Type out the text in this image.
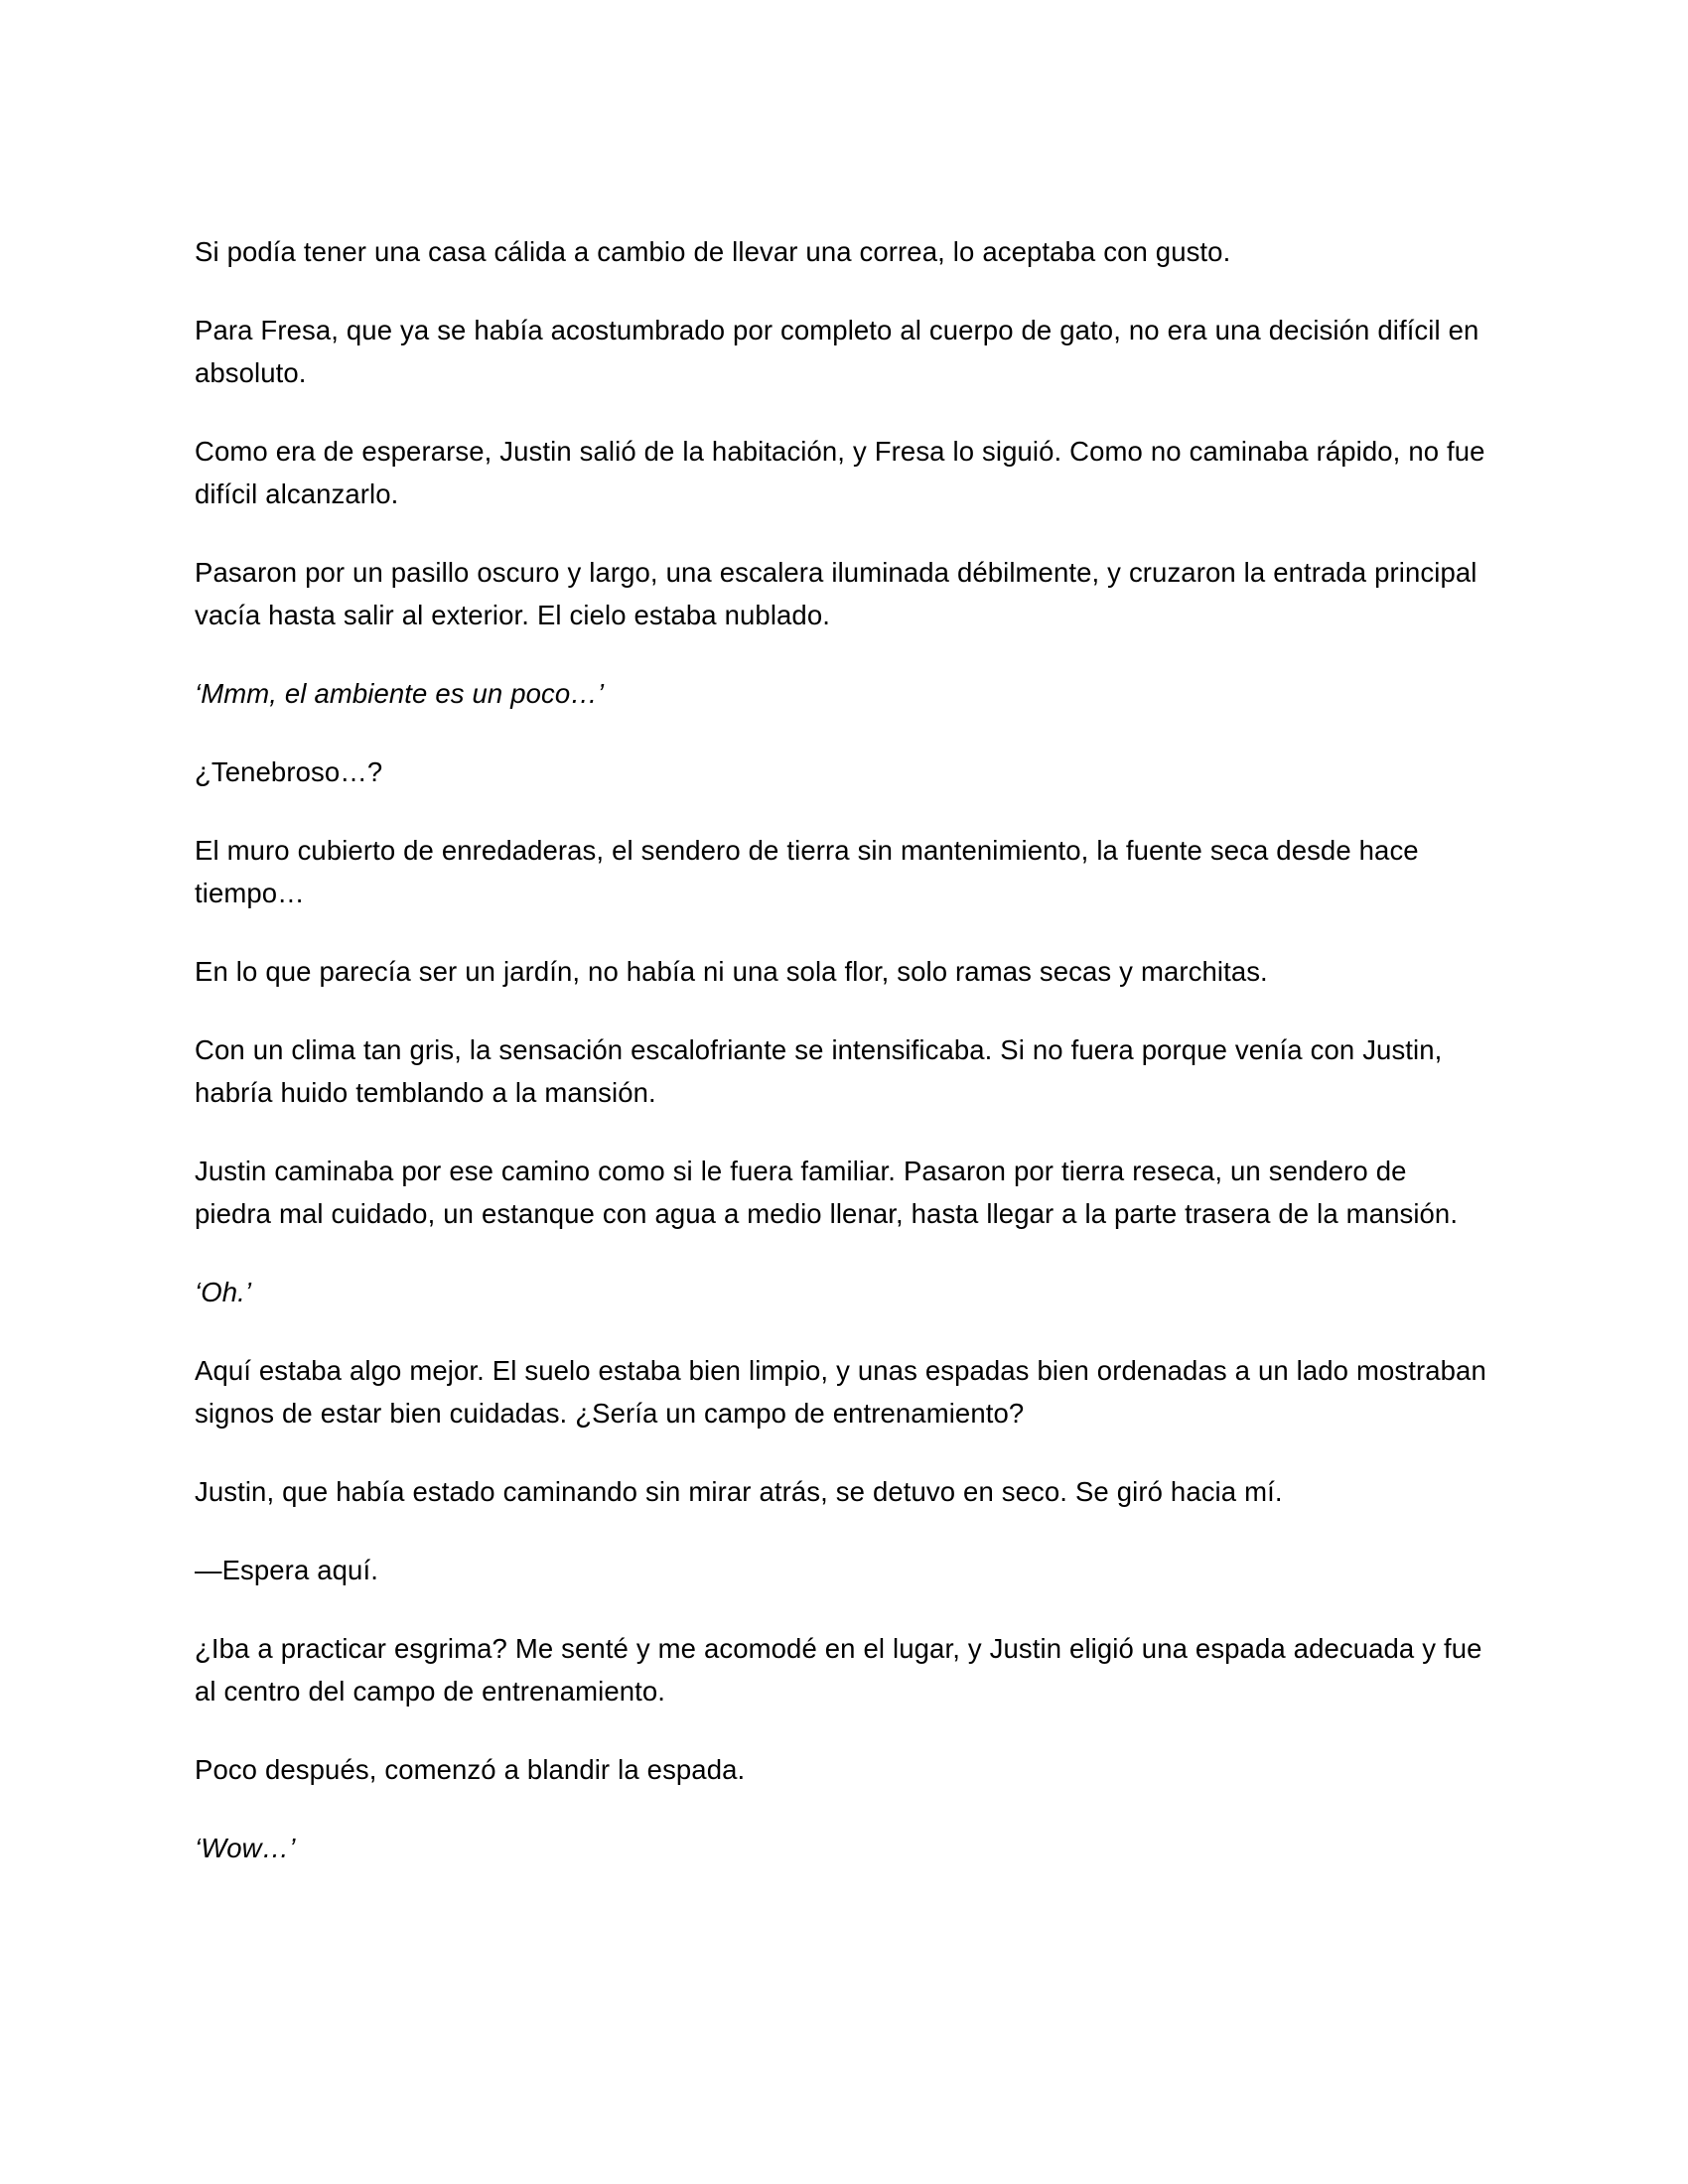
Si podía tener una casa cálida a cambio de llevar una correa, lo aceptaba con gusto.

Para Fresa, que ya se había acostumbrado por completo al cuerpo de gato, no era una decisión difícil en absoluto.

Como era de esperarse, Justin salió de la habitación, y Fresa lo siguió. Como no caminaba rápido, no fue difícil alcanzarlo.

Pasaron por un pasillo oscuro y largo, una escalera iluminada débilmente, y cruzaron la entrada principal vacía hasta salir al exterior. El cielo estaba nublado.

‘Mmm, el ambiente es un poco…’

¿Tenebroso…?

El muro cubierto de enredaderas, el sendero de tierra sin mantenimiento, la fuente seca desde hace tiempo…

En lo que parecía ser un jardín, no había ni una sola flor, solo ramas secas y marchitas.

Con un clima tan gris, la sensación escalofriante se intensificaba. Si no fuera porque venía con Justin, habría huido temblando a la mansión.

Justin caminaba por ese camino como si le fuera familiar. Pasaron por tierra reseca, un sendero de piedra mal cuidado, un estanque con agua a medio llenar, hasta llegar a la parte trasera de la mansión.

‘Oh.’

Aquí estaba algo mejor. El suelo estaba bien limpio, y unas espadas bien ordenadas a un lado mostraban signos de estar bien cuidadas. ¿Sería un campo de entrenamiento?

Justin, que había estado caminando sin mirar atrás, se detuvo en seco. Se giró hacia mí.

—Espera aquí.

¿Iba a practicar esgrima? Me senté y me acomodé en el lugar, y Justin eligió una espada adecuada y fue al centro del campo de entrenamiento.

Poco después, comenzó a blandir la espada.

‘Wow…’
